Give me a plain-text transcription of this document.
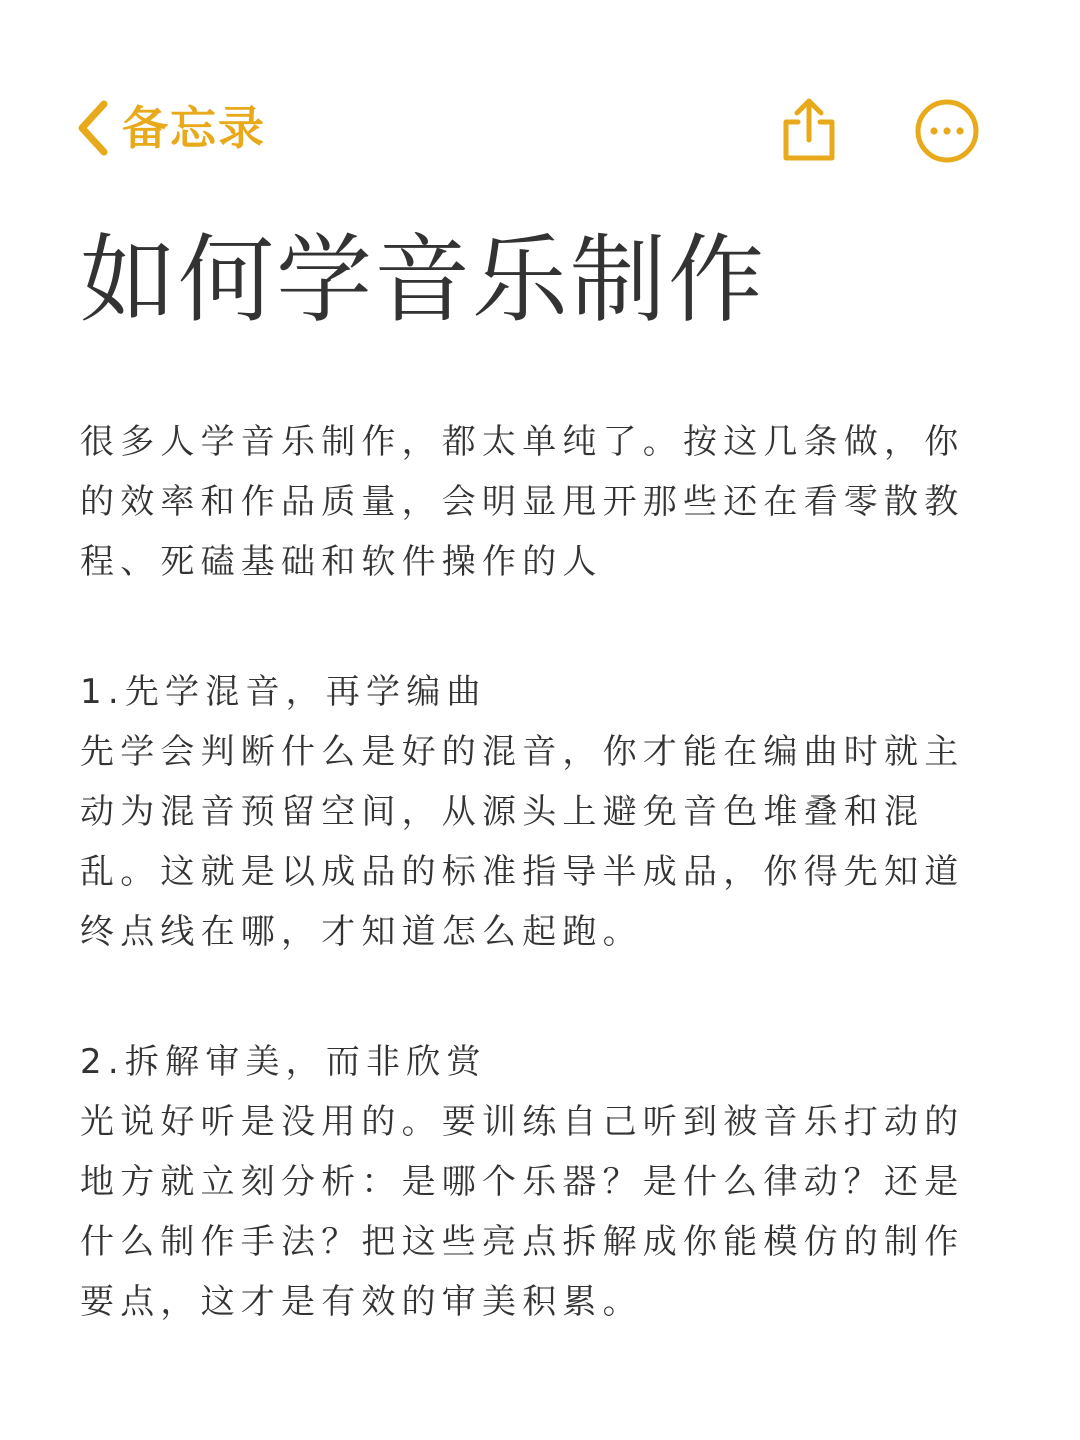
备忘录
如何学音乐制作

很多人学音乐制作，都太单纯了。按这几条做，你的效率和作品质量，会明显甩开那些还在看零散教程、死磕基础和软件操作的人

1.先学混音，再学编曲

先学会判断什么是好的混音，你才能在编曲时就主动为混音预留空间，从源头上避免音色堆叠和混乱。这就是以成品的标准指导半成品，你得先知道终点线在哪，才知道怎么起跑。

2.拆解审美，而非欣赏

光说好听是没用的。要训练自己听到被音乐打动的地方就立刻分析：是哪个乐器？是什么律动？还是什么制作手法？把这些亮点拆解成你能模仿的制作要点，这才是有效的审美积累。
